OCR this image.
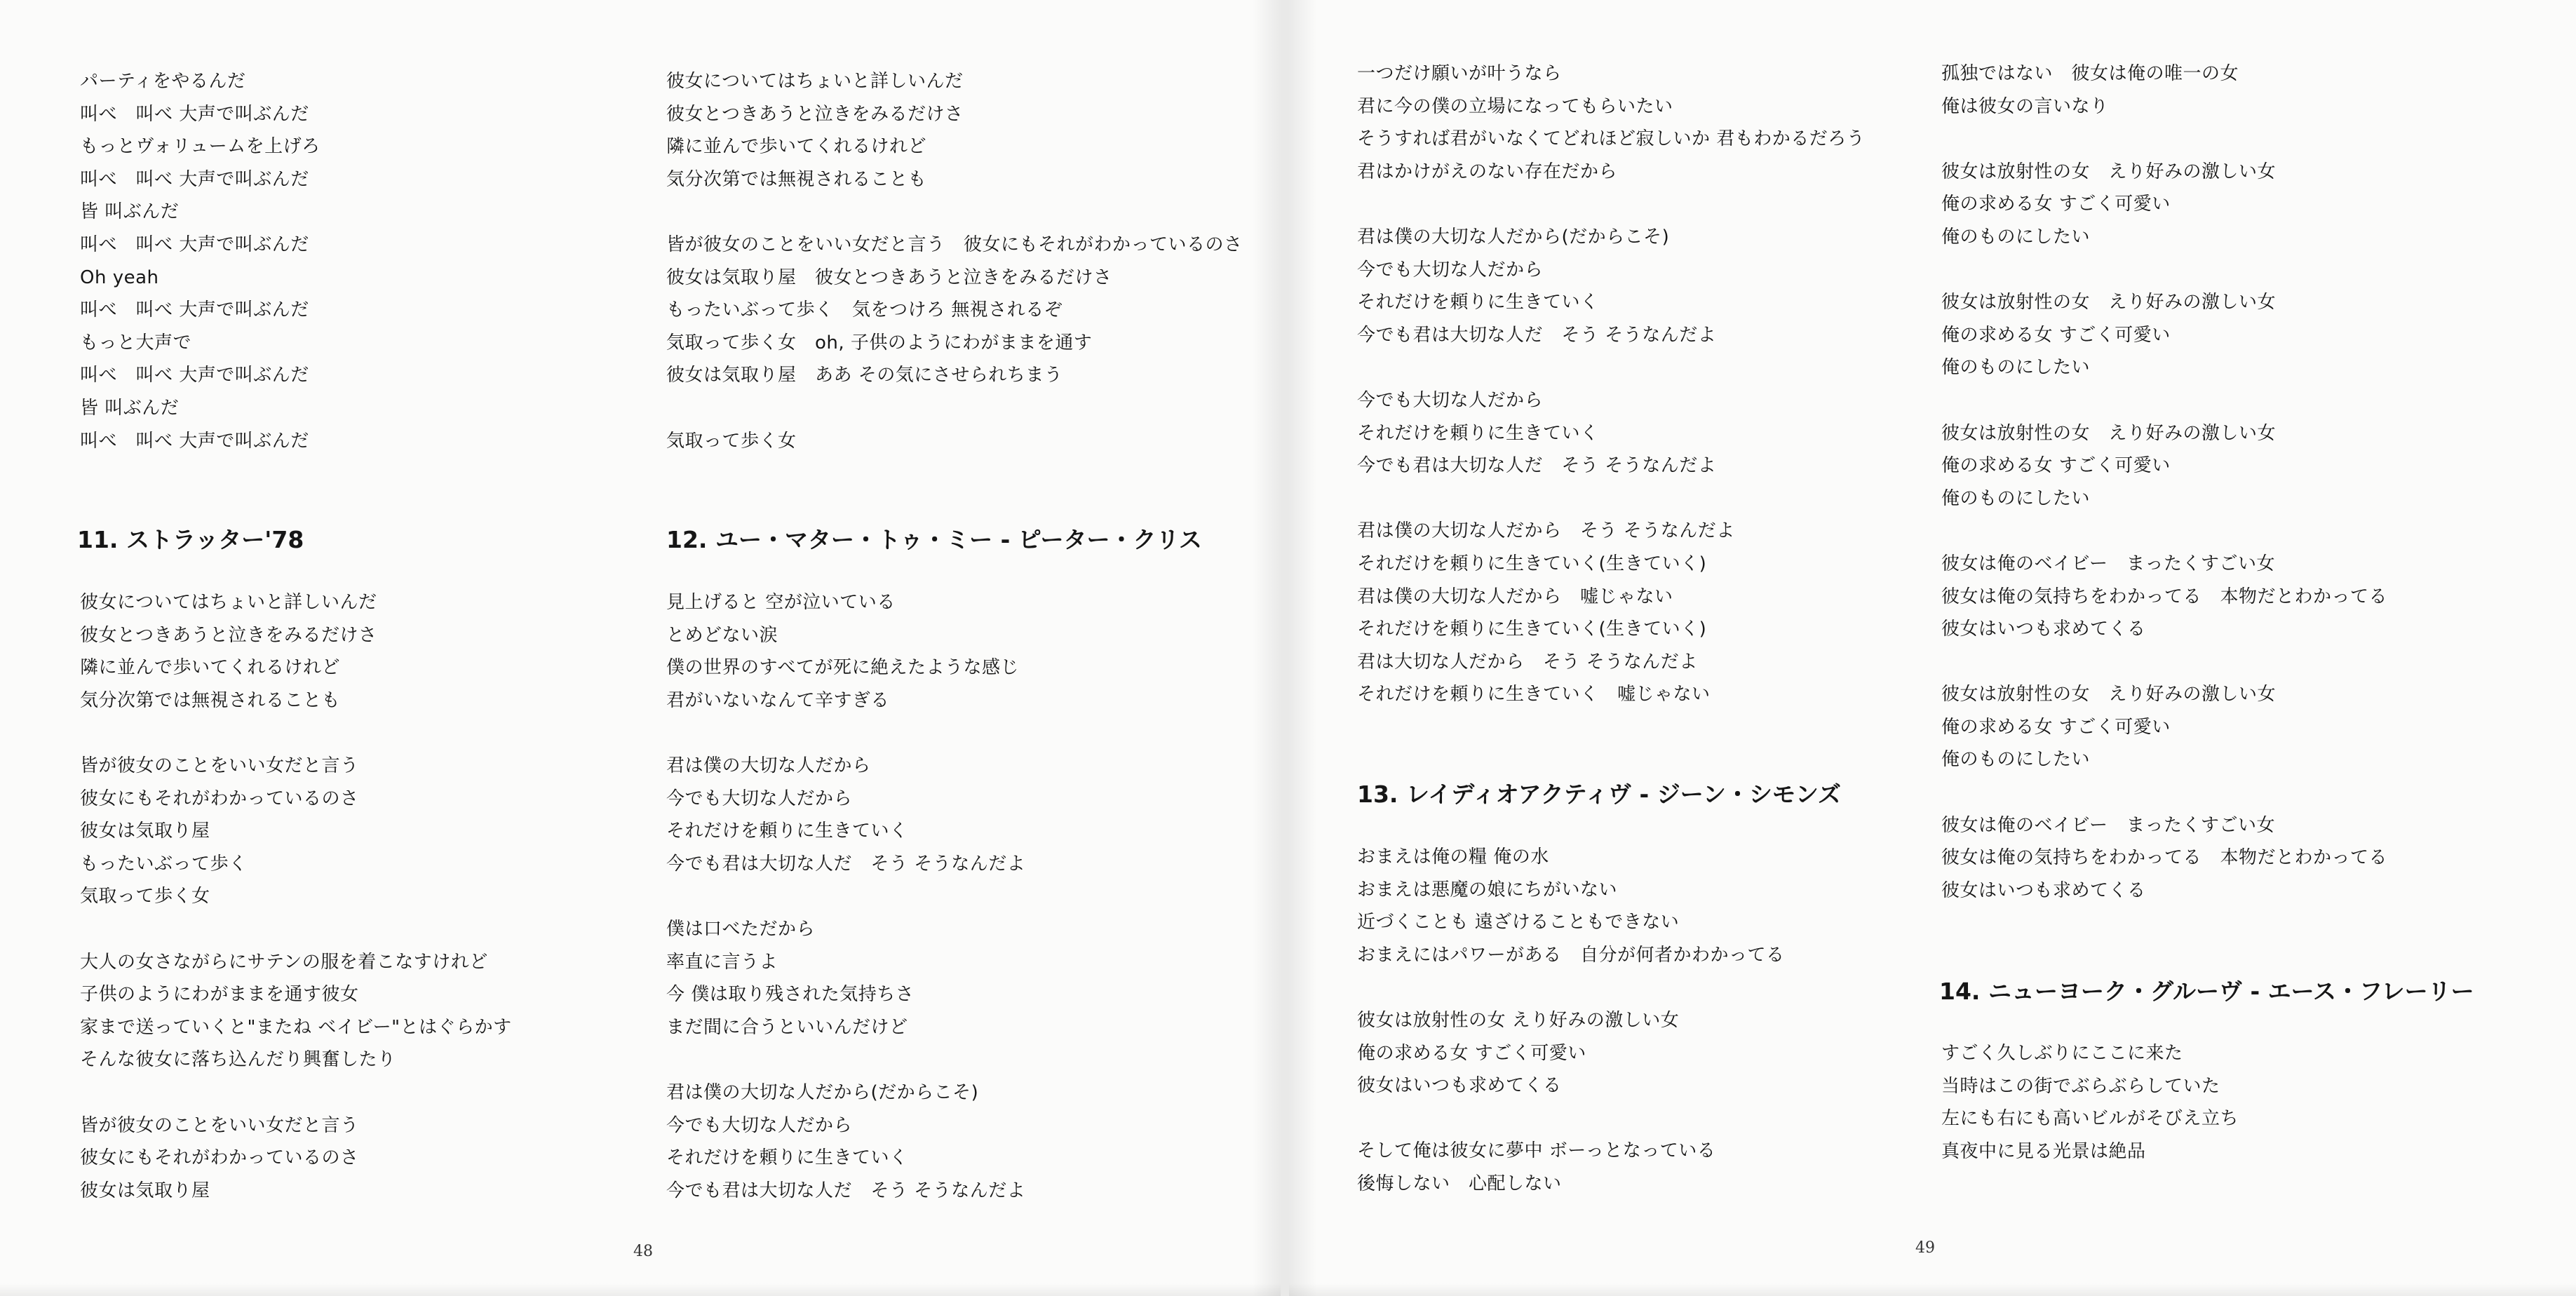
パーティをやるんだ

叫べ　叫べ 大声で叫ぶんだ

もっとヴォリュームを上げろ

叫べ　叫べ 大声で叫ぶんだ

皆 叫ぶんだ

叫べ　叫べ 大声で叫ぶんだ

Oh yeah

叫べ　叫べ 大声で叫ぶんだ

もっと大声で

叫べ　叫べ 大声で叫ぶんだ

皆 叫ぶんだ

叫べ　叫べ 大声で叫ぶんだ

11. ストラッター'78

彼女についてはちょいと詳しいんだ

彼女とつきあうと泣きをみるだけさ

隣に並んで歩いてくれるけれど

気分次第では無視されることも

皆が彼女のことをいい女だと言う

彼女にもそれがわかっているのさ

彼女は気取り屋

もったいぶって歩く

気取って歩く女

大人の女さながらにサテンの服を着こなすけれど

子供のようにわがままを通す彼女

家まで送っていくと"またね ベイビー"とはぐらかす

そんな彼女に落ち込んだり興奮したり

皆が彼女のことをいい女だと言う

彼女にもそれがわかっているのさ

彼女は気取り屋

彼女についてはちょいと詳しいんだ

彼女とつきあうと泣きをみるだけさ

隣に並んで歩いてくれるけれど

気分次第では無視されることも

皆が彼女のことをいい女だと言う　彼女にもそれがわかっているのさ

彼女は気取り屋　彼女とつきあうと泣きをみるだけさ

もったいぶって歩く　気をつけろ 無視されるぞ

気取って歩く女　oh, 子供のようにわがままを通す

彼女は気取り屋　ああ その気にさせられちまう

気取って歩く女

12. ユー・マター・トゥ・ミー - ピーター・クリス

見上げると 空が泣いている

とめどない涙

僕の世界のすべてが死に絶えたような感じ

君がいないなんて辛すぎる

君は僕の大切な人だから

今でも大切な人だから

それだけを頼りに生きていく

今でも君は大切な人だ　そう そうなんだよ

僕は口べただから

率直に言うよ

今 僕は取り残された気持ちさ

まだ間に合うといいんだけど

君は僕の大切な人だから(だからこそ)

今でも大切な人だから

それだけを頼りに生きていく

今でも君は大切な人だ　そう そうなんだよ

48

一つだけ願いが叶うなら

君に今の僕の立場になってもらいたい

そうすれば君がいなくてどれほど寂しいか 君もわかるだろう

君はかけがえのない存在だから

君は僕の大切な人だから(だからこそ)

今でも大切な人だから

それだけを頼りに生きていく

今でも君は大切な人だ　そう そうなんだよ

今でも大切な人だから

それだけを頼りに生きていく

今でも君は大切な人だ　そう そうなんだよ

君は僕の大切な人だから　そう そうなんだよ

それだけを頼りに生きていく(生きていく)

君は僕の大切な人だから　嘘じゃない

それだけを頼りに生きていく(生きていく)

君は大切な人だから　そう そうなんだよ

それだけを頼りに生きていく　嘘じゃない

13. レイディオアクティヴ - ジーン・シモンズ

おまえは俺の糧 俺の水

おまえは悪魔の娘にちがいない

近づくことも 遠ざけることもできない

おまえにはパワーがある　自分が何者かわかってる

彼女は放射性の女 えり好みの激しい女

俺の求める女 すごく可愛い

彼女はいつも求めてくる

そして俺は彼女に夢中 ボーっとなっている

後悔しない　心配しない

孤独ではない　彼女は俺の唯一の女

俺は彼女の言いなり

彼女は放射性の女　えり好みの激しい女

俺の求める女 すごく可愛い

俺のものにしたい

彼女は放射性の女　えり好みの激しい女

俺の求める女 すごく可愛い

俺のものにしたい

彼女は放射性の女　えり好みの激しい女

俺の求める女 すごく可愛い

俺のものにしたい

彼女は俺のベイビー　まったくすごい女

彼女は俺の気持ちをわかってる　本物だとわかってる

彼女はいつも求めてくる

彼女は放射性の女　えり好みの激しい女

俺の求める女 すごく可愛い

俺のものにしたい

彼女は俺のベイビー　まったくすごい女

彼女は俺の気持ちをわかってる　本物だとわかってる

彼女はいつも求めてくる

14. ニューヨーク・グルーヴ - エース・フレーリー

すごく久しぶりにここに来た

当時はこの街でぶらぶらしていた

左にも右にも高いビルがそびえ立ち

真夜中に見る光景は絶品

49
